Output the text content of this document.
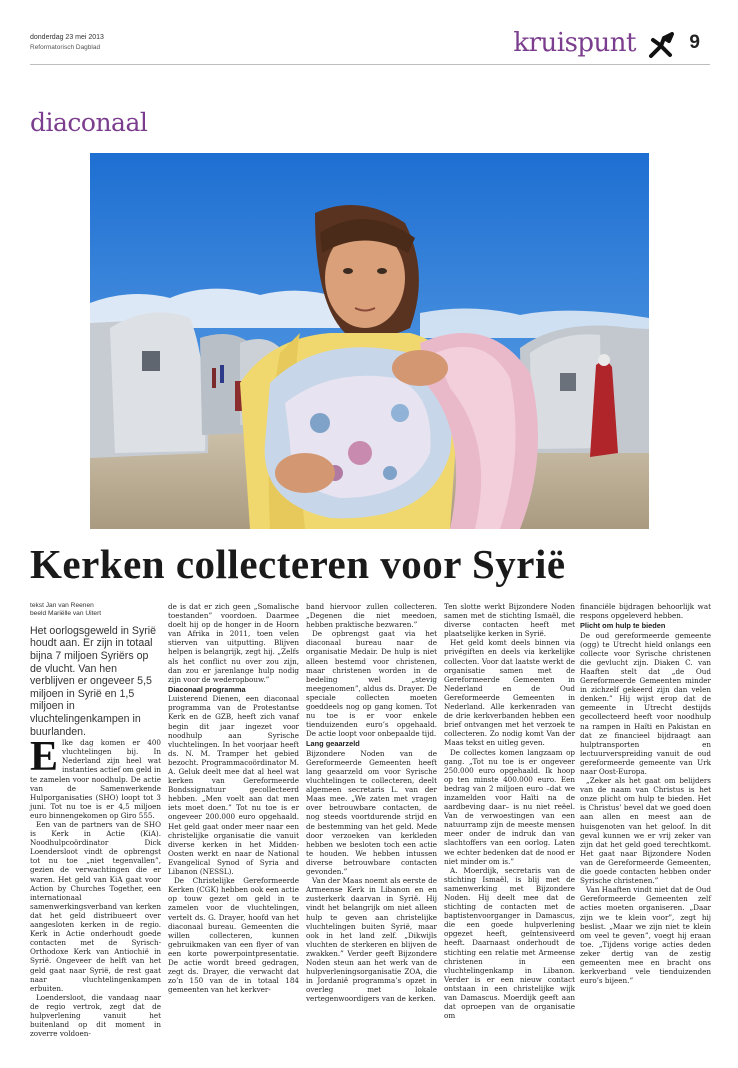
donderdag 23 mei 2013
Reformatorisch Dagblad	kruispunt	9
diaconaal
Kerken collecteren voor Syrië
tekst Jan van Reenen
beeld Mariëlle van Uitert

Het oorlogsgeweld in Syrië houdt aan. Er zijn in totaal bijna 7 miljoen Syriërs op de vlucht. Van hen verblijven er ongeveer 5,5 miljoen in Syrië en 1,5 miljoen in vluchtelingenkampen in buurlanden.

E lke dag komen er 400 vluchtelingen bij. In Nederland zijn heel wat instanties actief om geld in te zamelen voor noodhulp. De actie van de Samenwerkende Hulporganisaties (SHO) loopt tot 3 juni. Tot nu toe is er 4,5 miljoen euro binnengekomen op Giro 555.

Een van de partners van de SHO is Kerk in Actie (KiA). Noodhulpcoördinator Dick Loendersloot vindt de opbrengst tot nu toe „niet tegenvallen”, gezien de verwachtingen die er waren. Het geld van KiA gaat voor Action by Churches Together, een internationaal samenwerkingsverband van kerken dat het geld distribueert over aangesloten kerken in de regio. Kerk in Actie onderhoudt goede contacten met de Syrisch-Orthodoxe Kerk van Antiochië in Syrië. Ongeveer de helft van het geld gaat naar Syrië, de rest gaat naar vluchtelingenkampen erbuiten.

Loendersloot, die vandaag naar de regio vertrok, zegt dat de hulpverlening vanuit het buitenland op dit moment in zoverre voldoen-

de is dat er zich geen „Somalische toestanden” voordoen. Daarmee doelt hij op de honger in de Hoorn van Afrika in 2011, toen velen stierven van uitputting. Blijven helpen is belangrijk, zegt hij. „Zelfs als het conflict nu over zou zijn, dan zou er jarenlange hulp nodig zijn voor de wederopbouw.”

Diaconaal programma

Luisterend Dienen, een diaconaal programma van de Protestantse Kerk en de GZB, heeft zich vanaf begin dit jaar ingezet voor noodhulp aan Syrische vluchtelingen. In het voorjaar heeft ds. N. M. Tramper het gebied bezocht. Programmacoördinator M. A. Geluk deelt mee dat al heel wat kerken van Gereformeerde Bondssignatuur gecollecteerd hebben. „Men voelt aan dat men iets moet doen.” Tot nu toe is er ongeveer 200.000 euro opgehaald. Het geld gaat onder meer naar een christelijke organisatie die vanuit diverse kerken in het Midden-Oosten werkt en naar de National Evangelical Synod of Syria and Libanon (NESSL).

De Christelijke Gereformeerde Kerken (CGK) hebben ook een actie op touw gezet om geld in te zamelen voor de vluchtelingen, vertelt ds. G. Drayer, hoofd van het diaconaal bureau. Gemeenten die willen collecteren, kunnen gebruikmaken van een flyer of van een korte powerpointpresentatie. De actie wordt breed gedragen, zegt ds. Drayer, die verwacht dat zo’n 150 van de in totaal 184 gemeenten van het kerkver-

band hiervoor zullen collecteren. „Degenen die niet meedoen, hebben praktische bezwaren.”

De opbrengst gaat via het diaconaal bureau naar de organisatie Medair. De hulp is niet alleen bestemd voor christenen, maar christenen worden in de bedeling wel „stevig meegenomen”, aldus ds. Drayer. De speciale collecten moeten goeddeels nog op gang komen. Tot nu toe is er voor enkele tienduizenden euro’s opgehaald. De actie loopt voor onbepaalde tijd.

Lang geaarzeld

Bijzondere Noden van de Gereformeerde Gemeenten heeft lang geaarzeld om voor Syrische vluchtelingen te collecteren, deelt algemeen secretaris L. van der Maas mee. „We zaten met vragen over betrouwbare contacten, de nog steeds voortdurende strijd en de bestemming van het geld. Mede door verzoeken van kerkleden hebben we besloten toch een actie te houden. We hebben intussen diverse betrouwbare contacten gevonden.”

Van der Maas noemt als eerste de Armeense Kerk in Libanon en en zusterkerk daarvan in Syrië. Hij vindt het belangrijk om niet alleen hulp te geven aan christelijke vluchtelingen buiten Syrië, maar ook in het land zelf. „Dikwijls vluchten de sterkeren en blijven de zwakken.” Verder geeft Bijzondere Noden steun aan het werk van de hulpverleningsorganisatie ZOA, die in Jordanië programma’s opzet in overleg met lokale vertegenwoordigers van de kerken.

Ten slotte werkt Bijzondere Noden samen met de stichting Ismaël, die diverse contacten heeft met plaatselijke kerken in Syrië.

Het geld komt deels binnen via privégiften en deels via kerkelijke collecten. Voor dat laatste werkt de organisatie samen met de Gereformeerde Gemeenten in Nederland en de Oud Gereformeerde Gemeenten in Nederland. Alle kerkenraden van de drie kerkverbanden hebben een brief ontvangen met het verzoek te collecteren. Zo nodig komt Van der Maas tekst en uitleg geven.

De collectes komen langzaam op gang. „Tot nu toe is er ongeveer 250.000 euro opgehaald. Ik hoop op ten minste 400.000 euro. Een bedrag van 2 miljoen euro –dat we inzamelden voor Haïti na de aardbeving daar– is nu niet reëel. Van de verwoestingen van een natuurramp zijn de meeste mensen meer onder de indruk dan van slachtoffers van een oorlog. Laten we echter bedenken dat de nood er niet minder om is.”

A. Moerdijk, secretaris van de stichting Ismaël, is blij met de samenwerking met Bijzondere Noden. Hij deelt mee dat de stichting de contacten met de baptistenvoorganger in Damascus, die een goede hulpverlening opgezet heeft, geïntensiveerd heeft. Daarnaast onderhoudt de stichting een relatie met Armeense christenen in een vluchtelingenkamp in Libanon. Verder is er een nieuw contact ontstaan in een christelijke wijk van Damascus. Moerdijk geeft aan dat oproepen van de organisatie om

financiële bijdragen behoorlijk wat respons opgeleverd hebben.

Plicht om hulp te bieden

De oud gereformeerde gemeente (ogg) te Utrecht hield onlangs een collecte voor Syrische christenen die gevlucht zijn. Diaken C. van Haaften stelt dat „de Oud Gereformeerde Gemeenten minder in zichzelf gekeerd zijn dan velen denken.” Hij wijst erop dat de gemeente in Utrecht destijds gecollecteerd heeft voor noodhulp na rampen in Haïti en Pakistan en dat ze financieel bijdraagt aan hulptransporten en lectuurverspreiding vanuit de oud gereformeerde gemeente van Urk naar Oost-Europa.

„Zeker als het gaat om belijders van de naam van Christus is het onze plicht om hulp te bieden. Het is Christus’ bevel dat we goed doen aan allen en meest aan de huisgenoten van het geloof. In dit geval kunnen we er vrij zeker van zijn dat het geld goed terechtkomt. Het gaat naar Bijzondere Noden van de Gereformeerde Gemeenten, die goede contacten hebben onder Syrische christenen.”

Van Haaften vindt niet dat de Oud Gereformeerde Gemeenten zelf acties moeten organiseren. „Daar zijn we te klein voor”, zegt hij beslist. „Maar we zijn niet te klein om veel te geven”, voegt hij eraan toe. „Tijdens vorige acties deden zeker dertig van de zestig gemeenten mee en bracht ons kerkverband vele tienduizenden euro’s bijeen.”
